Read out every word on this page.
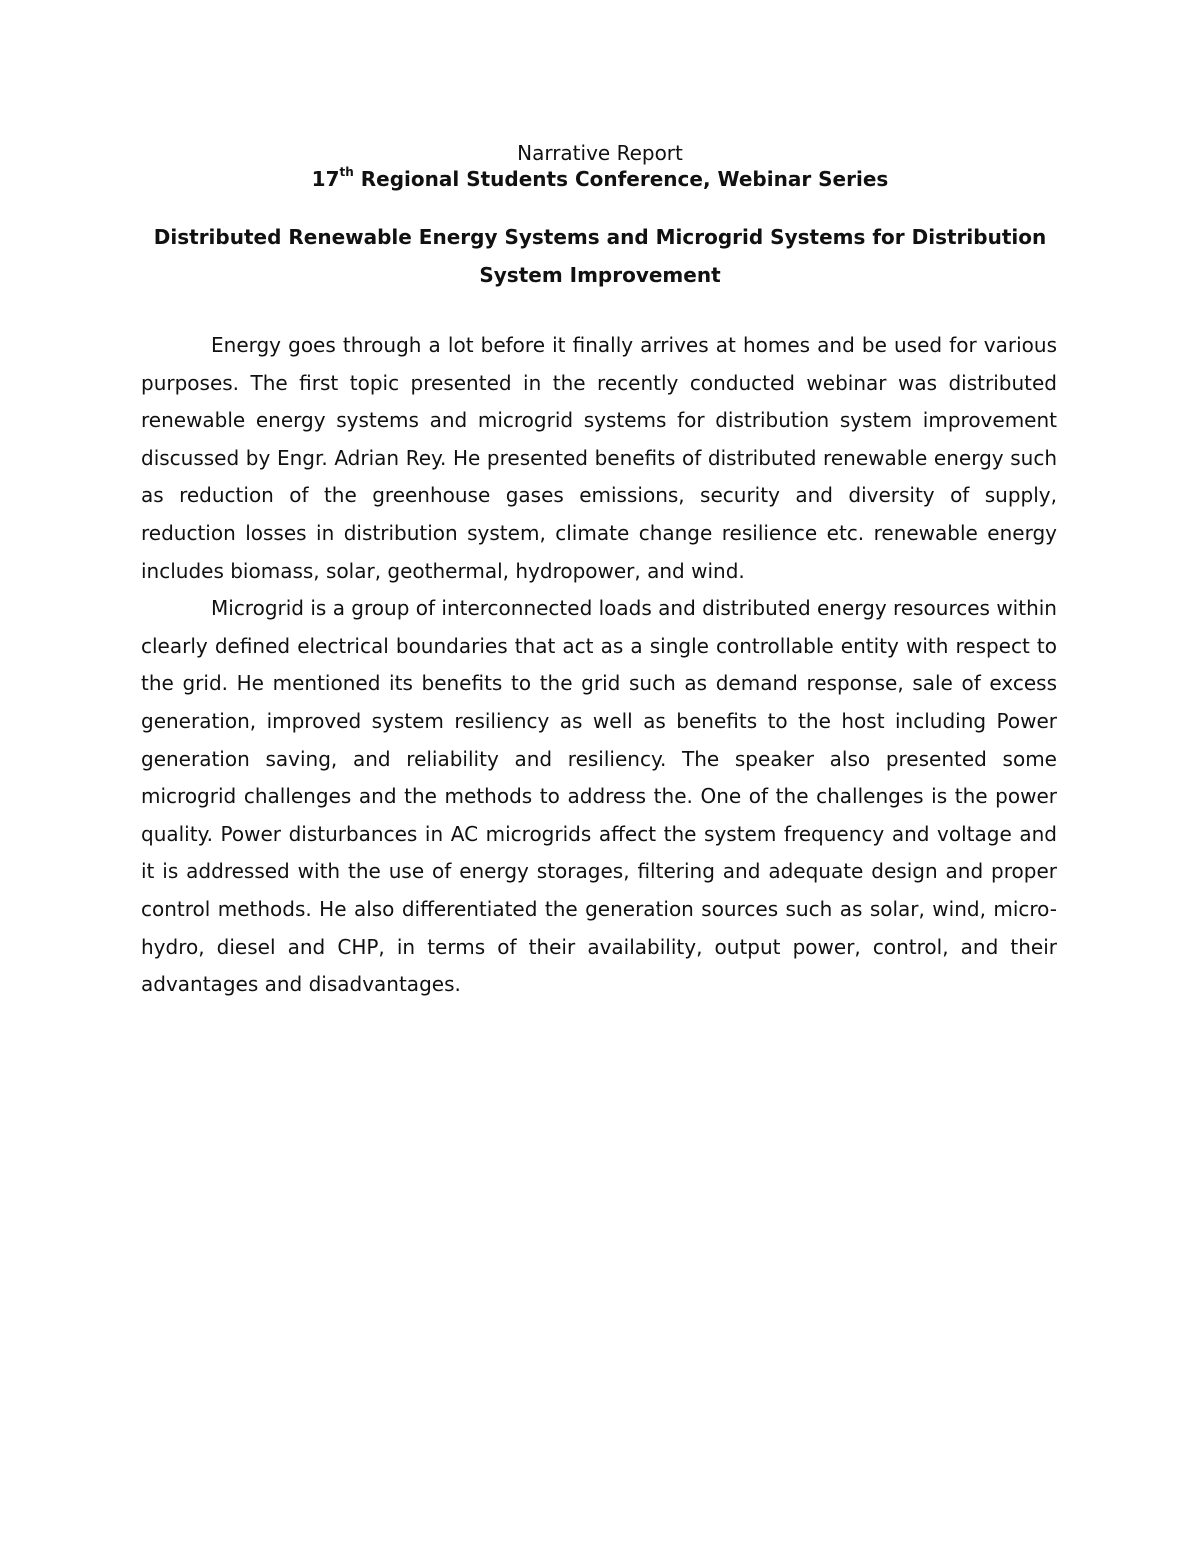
Narrative Report

17th Regional Students Conference, Webinar Series

Distributed Renewable Energy Systems and Microgrid Systems for Distribution System Improvement

Energy goes through a lot before it finally arrives at homes and be used for various purposes. The first topic presented in the recently conducted webinar was distributed renewable energy systems and microgrid systems for distribution system improvement discussed by Engr. Adrian Rey. He presented benefits of distributed renewable energy such as reduction of the greenhouse gases emissions, security and diversity of supply, reduction losses in distribution system, climate change resilience etc. renewable energy includes biomass, solar, geothermal, hydropower, and wind.

Microgrid is a group of interconnected loads and distributed energy resources within clearly defined electrical boundaries that act as a single controllable entity with respect to the grid. He mentioned its benefits to the grid such as demand response, sale of excess generation, improved system resiliency as well as benefits to the host including Power generation saving, and reliability and resiliency. The speaker also presented some microgrid challenges and the methods to address the. One of the challenges is the power quality. Power disturbances in AC microgrids affect the system frequency and voltage and it is addressed with the use of energy storages, filtering and adequate design and proper control methods. He also differentiated the generation sources such as solar, wind, micro-hydro, diesel and CHP, in terms of their availability, output power, control, and their advantages and disadvantages.
